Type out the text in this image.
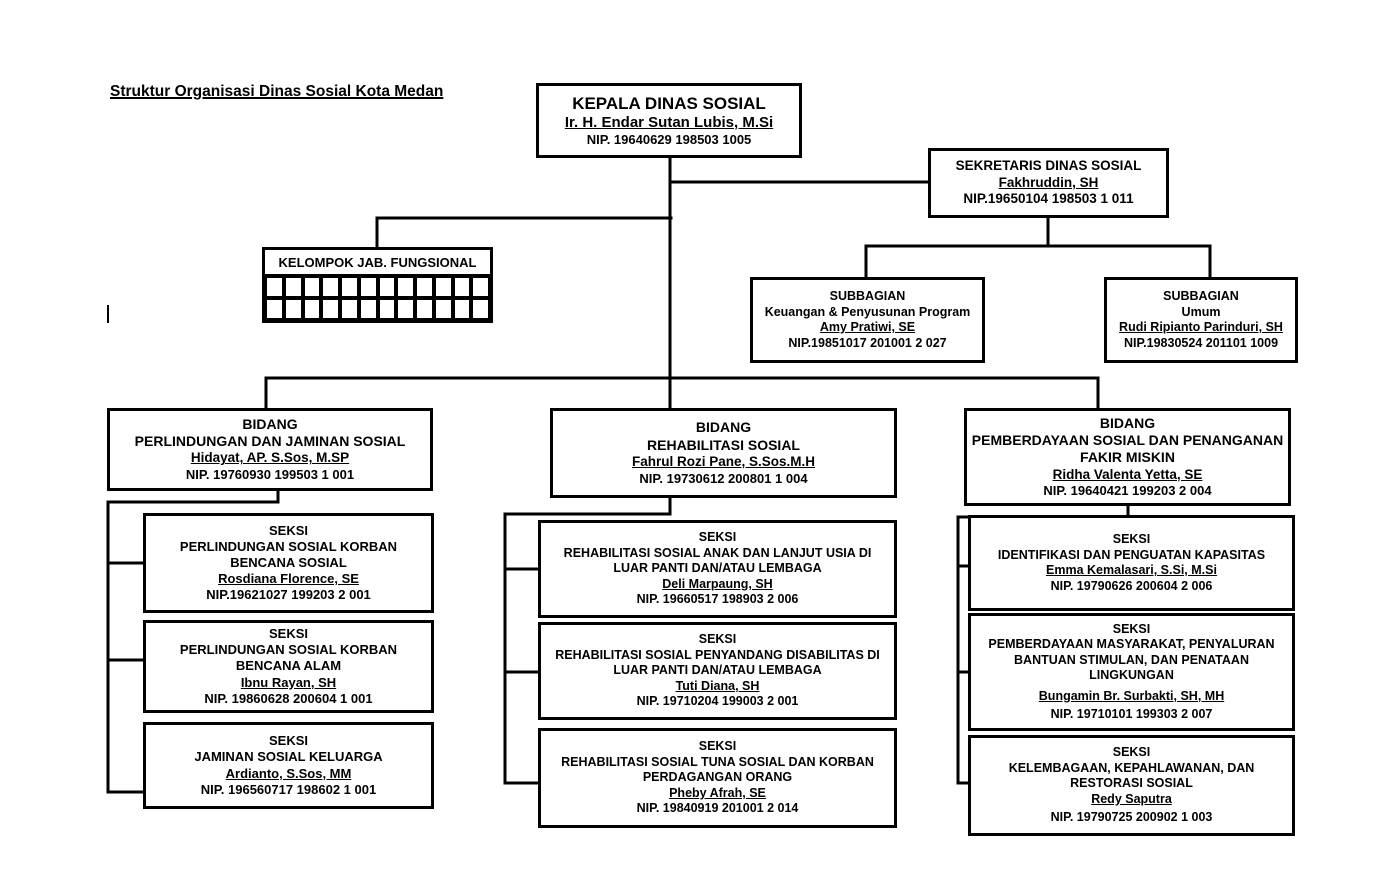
Struktur Organisasi Dinas Sosial Kota Medan
KEPALA DINAS SOSIAL
Ir. H. Endar Sutan Lubis, M.Si
NIP. 19640629 198503 1005
SEKRETARIS DINAS SOSIAL
Fakhruddin, SH
NIP.19650104 198503 1 011
KELOMPOK JAB. FUNGSIONAL
SUBBAGIAN
Keuangan & Penyusunan Program
Amy Pratiwi, SE
NIP.19851017 201001 2 027
SUBBAGIAN
Umum
Rudi Ripianto Parinduri, SH
NIP.19830524 201101 1009
BIDANG
PERLINDUNGAN DAN JAMINAN SOSIAL
Hidayat, AP. S.Sos, M.SP
NIP. 19760930 199503 1 001
BIDANG
REHABILITASI SOSIAL
Fahrul Rozi Pane, S.Sos.M.H
NIP. 19730612 200801 1 004
BIDANG
PEMBERDAYAAN SOSIAL DAN PENANGANAN FAKIR MISKIN
Ridha Valenta Yetta, SE
NIP. 19640421 199203 2 004
SEKSI
PERLINDUNGAN SOSIAL KORBAN BENCANA SOSIAL
Rosdiana Florence, SE
NIP.19621027 199203 2 001
SEKSI
PERLINDUNGAN SOSIAL KORBAN BENCANA ALAM
Ibnu Rayan, SH
NIP. 19860628 200604 1 001
SEKSI
JAMINAN SOSIAL KELUARGA
Ardianto, S.Sos, MM
NIP. 196560717 198602 1 001
SEKSI
REHABILITASI SOSIAL ANAK DAN LANJUT USIA DI LUAR PANTI DAN/ATAU LEMBAGA
Deli Marpaung, SH
NIP. 19660517 198903 2 006
SEKSI
REHABILITASI SOSIAL PENYANDANG DISABILITAS DI LUAR PANTI DAN/ATAU LEMBAGA
Tuti Diana, SH
NIP. 19710204 199003 2 001
SEKSI
REHABILITASI SOSIAL TUNA SOSIAL DAN KORBAN PERDAGANGAN ORANG
Pheby Afrah, SE
NIP. 19840919 201001 2 014
SEKSI
IDENTIFIKASI DAN PENGUATAN KAPASITAS
Emma Kemalasari, S.Si, M.Si
NIP. 19790626 200604 2 006
SEKSI
PEMBERDAYAAN MASYARAKAT, PENYALURAN BANTUAN STIMULAN, DAN PENATAAN LINGKUNGAN
Bungamin Br. Surbakti, SH, MH
NIP. 19710101 199303 2 007
SEKSI
KELEMBAGAAN, KEPAHLAWANAN, DAN RESTORASI SOSIAL
Redy Saputra
NIP. 19790725 200902 1 003
